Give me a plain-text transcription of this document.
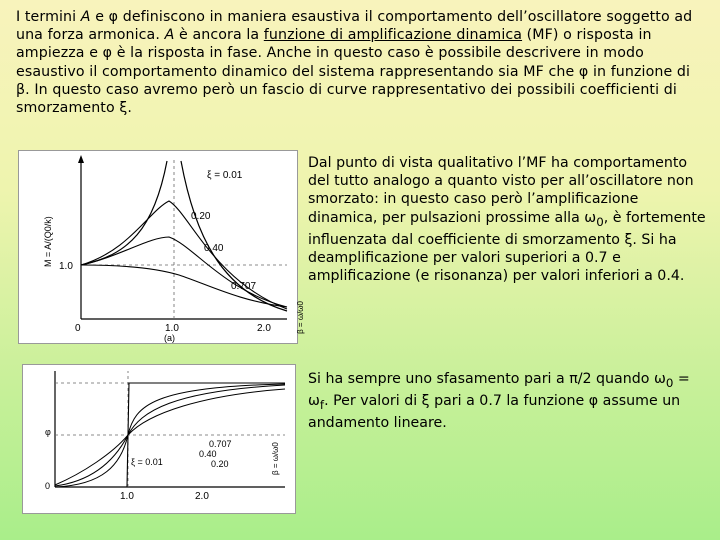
I termini A e φ definiscono in maniera esaustiva il comportamento dell’oscillatore soggetto ad una forza armonica. A è ancora la funzione di amplificazione dinamica (MF) o risposta in ampiezza e φ è la risposta in fase. Anche in questo caso è possibile descrivere in modo esaustivo il comportamento dinamico del sistema rappresentando sia MF che φ in funzione di β. In questo caso avremo però un fascio di curve rappresentativo dei possibili coefficienti di smorzamento ξ.
M = A/(Q0/k)
ξ = 0.01
0.20
0.40
0.707
0	1.0	2.0
1.0
β = ω/ω0
(a)
Dal punto di vista qualitativo l’MF ha comportamento del tutto analogo a quanto visto per all’oscillatore non smorzato: in questo caso però l’amplificazione dinamica, per pulsazioni prossime alla $\omega_0$, è fortemente influenzata dal coefficiente di smorzamento ξ. Si ha deamplificazione per valori superiori a 0.7 e amplificazione (e risonanza) per valori inferiori a 0.4.
φ
0.707
0.40
0.20
ξ = 0.01
1.0	2.0
0
β = ω/ω0
Si ha sempre uno sfasamento pari a π/2 quando $\omega_0 = \omega_f$. Per valori di ξ pari a 0.7 la funzione φ assume un andamento lineare.
